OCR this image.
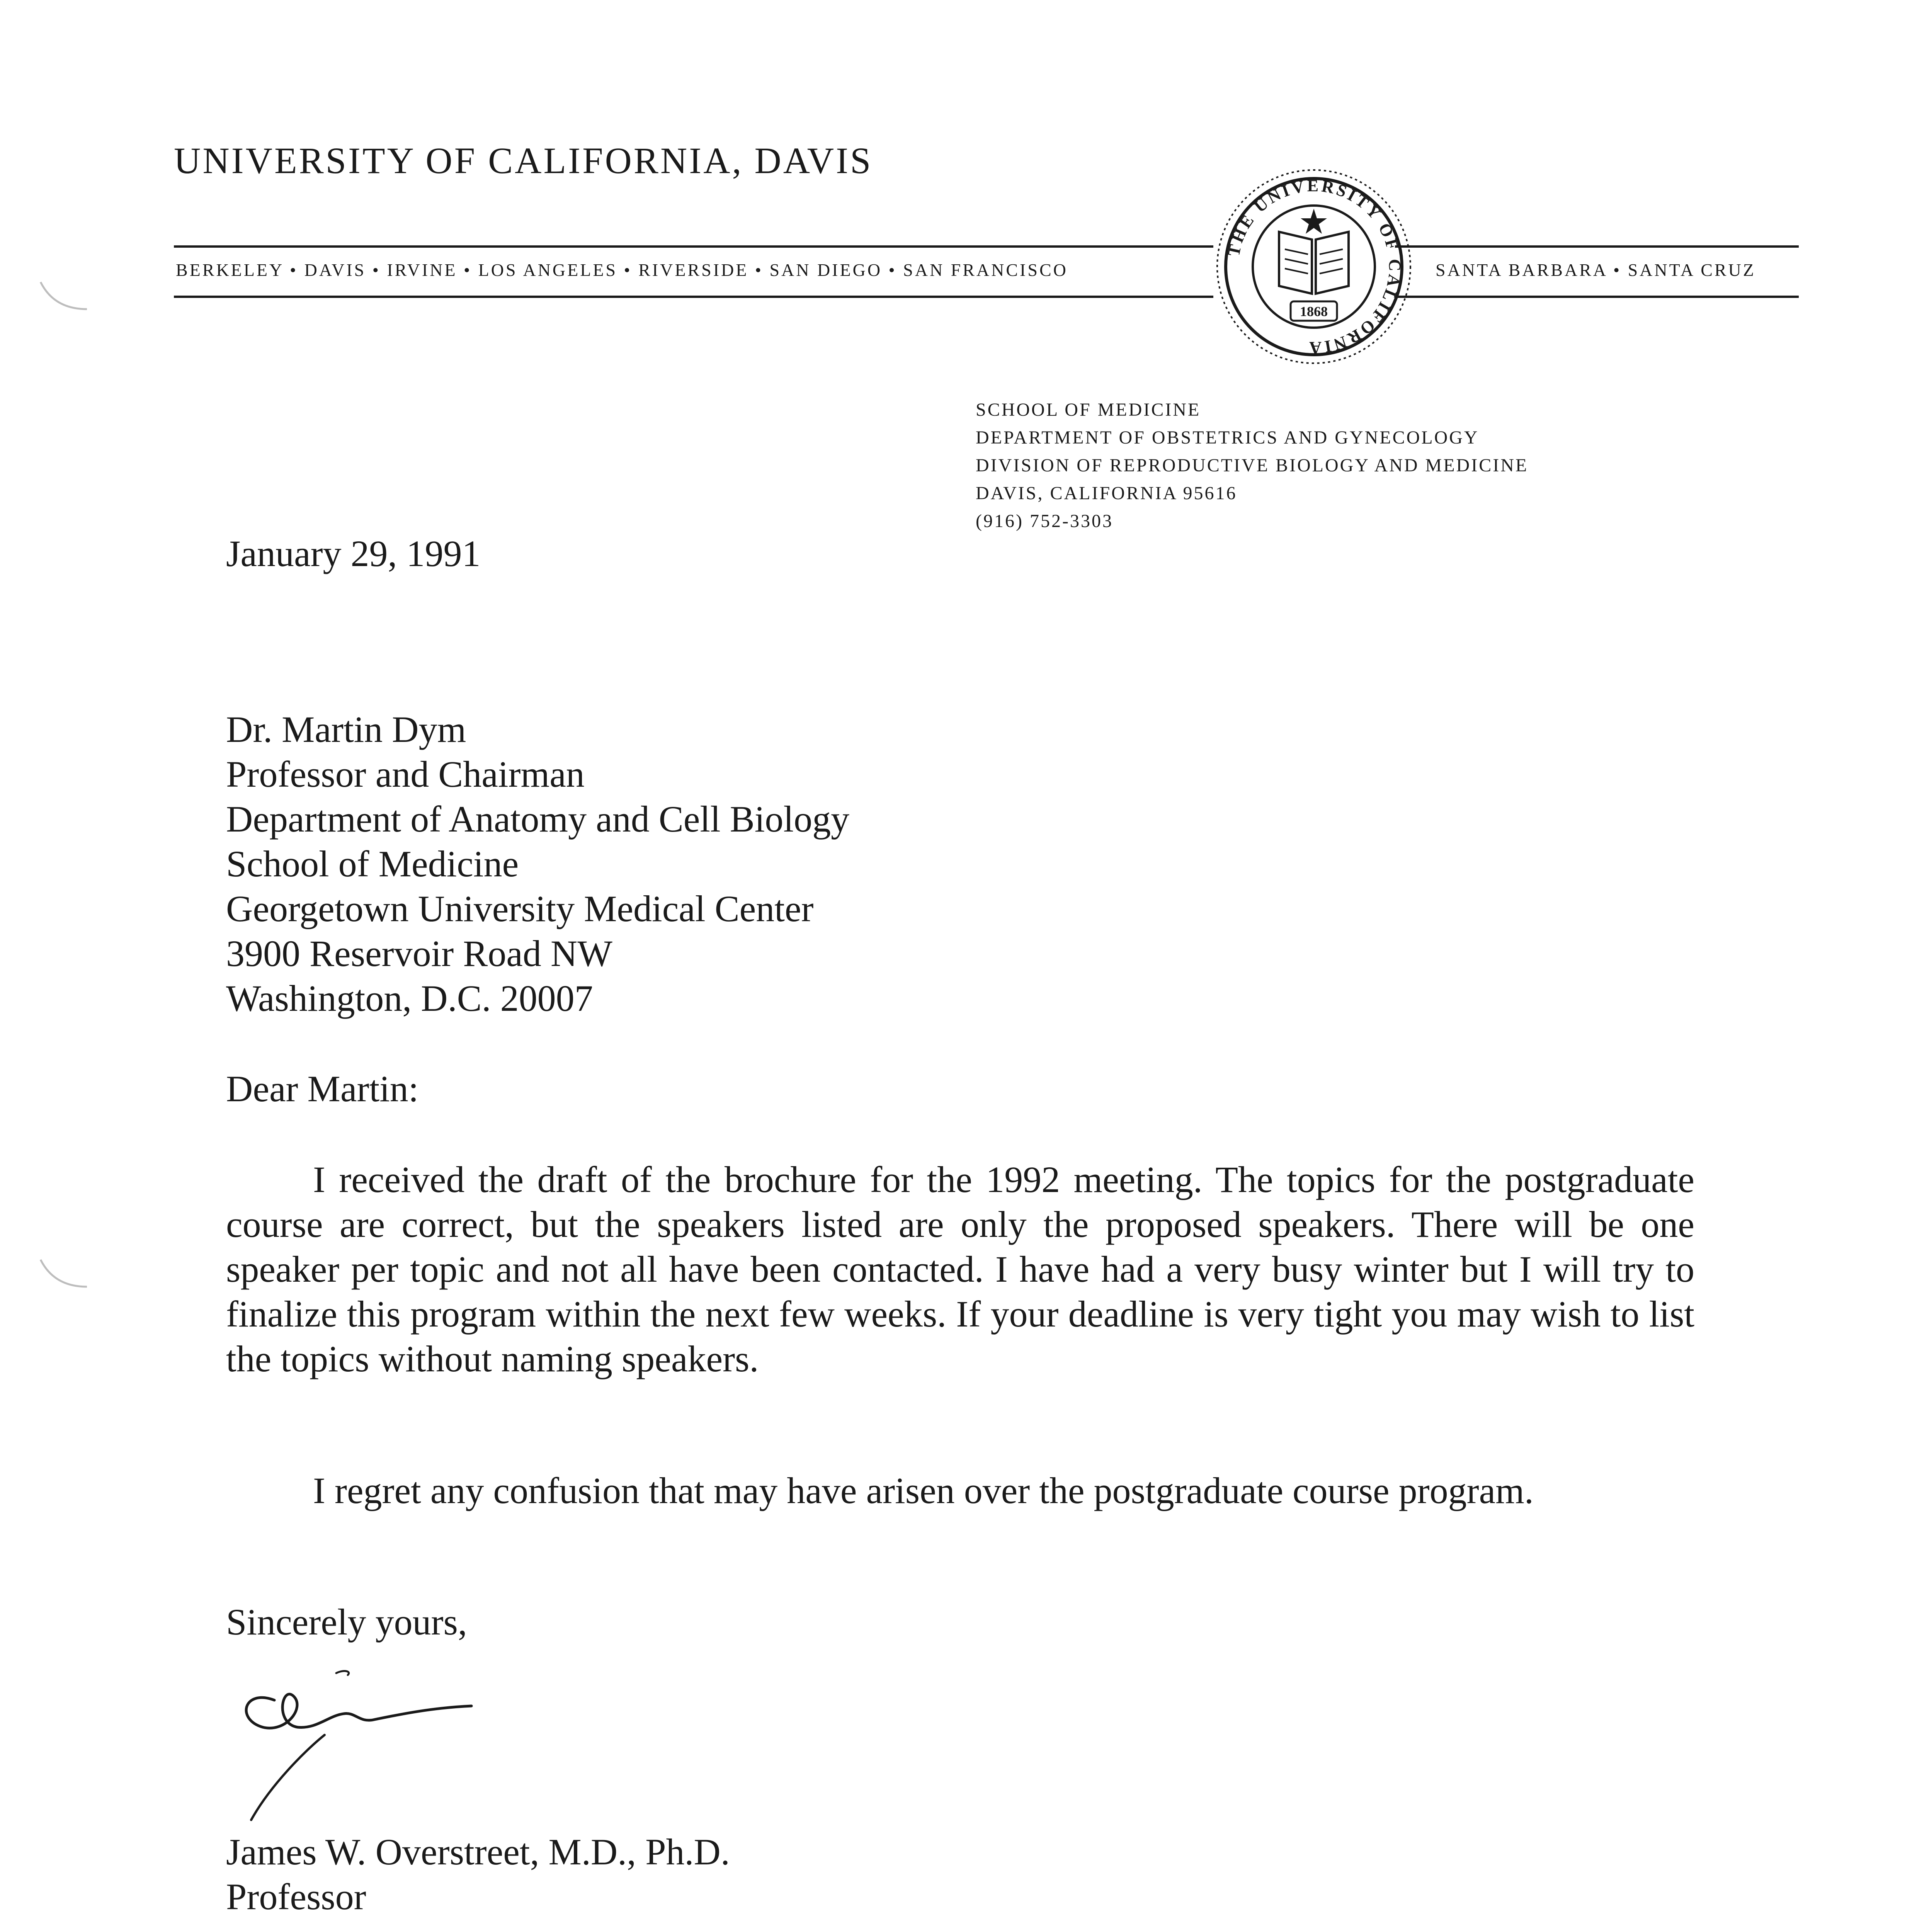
UNIVERSITY OF CALIFORNIA, DAVIS
BERKELEY • DAVIS • IRVINE • LOS ANGELES • RIVERSIDE • SAN DIEGO • SAN FRANCISCO	SANTA BARBARA • SANTA CRUZ
THE UNIVERSITY OF CALIFORNIA
1868
SCHOOL OF MEDICINE
DEPARTMENT OF OBSTETRICS AND GYNECOLOGY
DIVISION OF REPRODUCTIVE BIOLOGY AND MEDICINE
DAVIS, CALIFORNIA 95616
(916) 752-3303
January 29, 1991
Dr. Martin Dym
Professor and Chairman
Department of Anatomy and Cell Biology
School of Medicine
Georgetown University Medical Center
3900 Reservoir Road NW
Washington, D.C. 20007
Dear Martin:
I received the draft of the brochure for the 1992 meeting. The topics for the postgraduate course are correct, but the speakers listed are only the proposed speakers. There will be one speaker per topic and not all have been contacted. I have had a very busy winter but I will try to finalize this program within the next few weeks. If your deadline is very tight you may wish to list the topics without naming speakers.
I regret any confusion that may have arisen over the postgraduate course program.
Sincerely yours,
James W. Overstreet, M.D., Ph.D.
Professor
